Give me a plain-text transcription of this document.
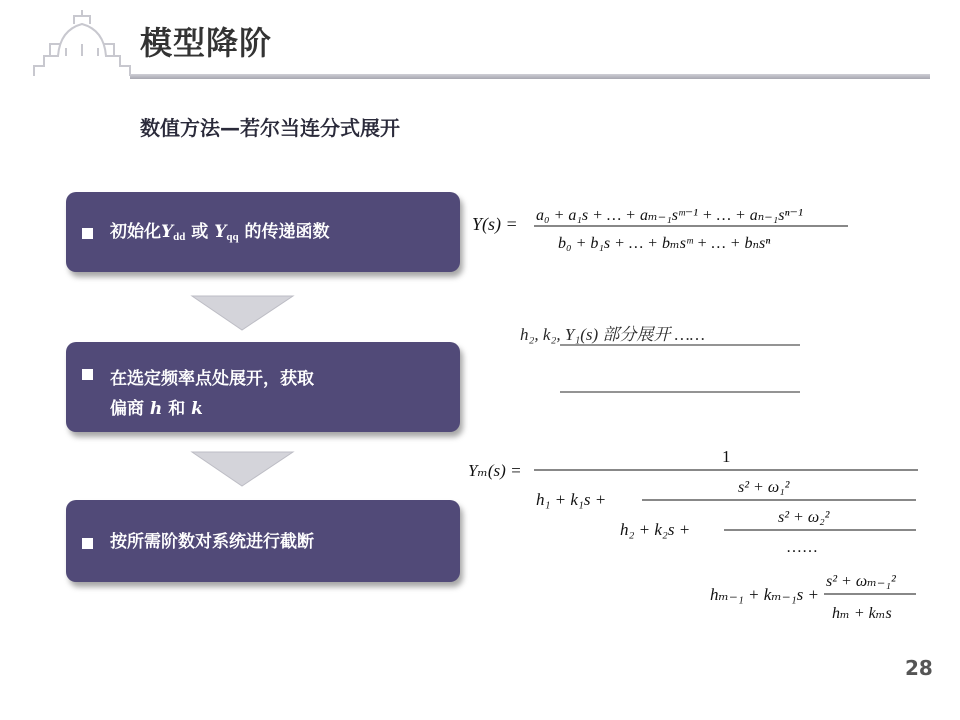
模型降阶
数值方法—若尔当连分式展开
初始化$Y_{dd}$ 或 $Y_{qq}$ 的传递函数
在选定频率点处展开，获取
偏商 h 和 k
按所需阶数对系统进行截断
Y(s) = a₀ + a₁s + … + aₘ₋₁sᵐ⁻¹ + … + aₙ₋₁sⁿ⁻¹
b₀ + b₁s + … + bₘsᵐ + … + bₙsⁿ
h₂, k₂, Y₁(s) 部分展开 ……
Yₘ(s) =
1
h₁ + k₁s +
s² + ω₁²
h₂ + k₂s +
s² + ω₂²
……
hₘ₋₁ + kₘ₋₁s +
s² + ωₘ₋₁²
hₘ + kₘs
28
